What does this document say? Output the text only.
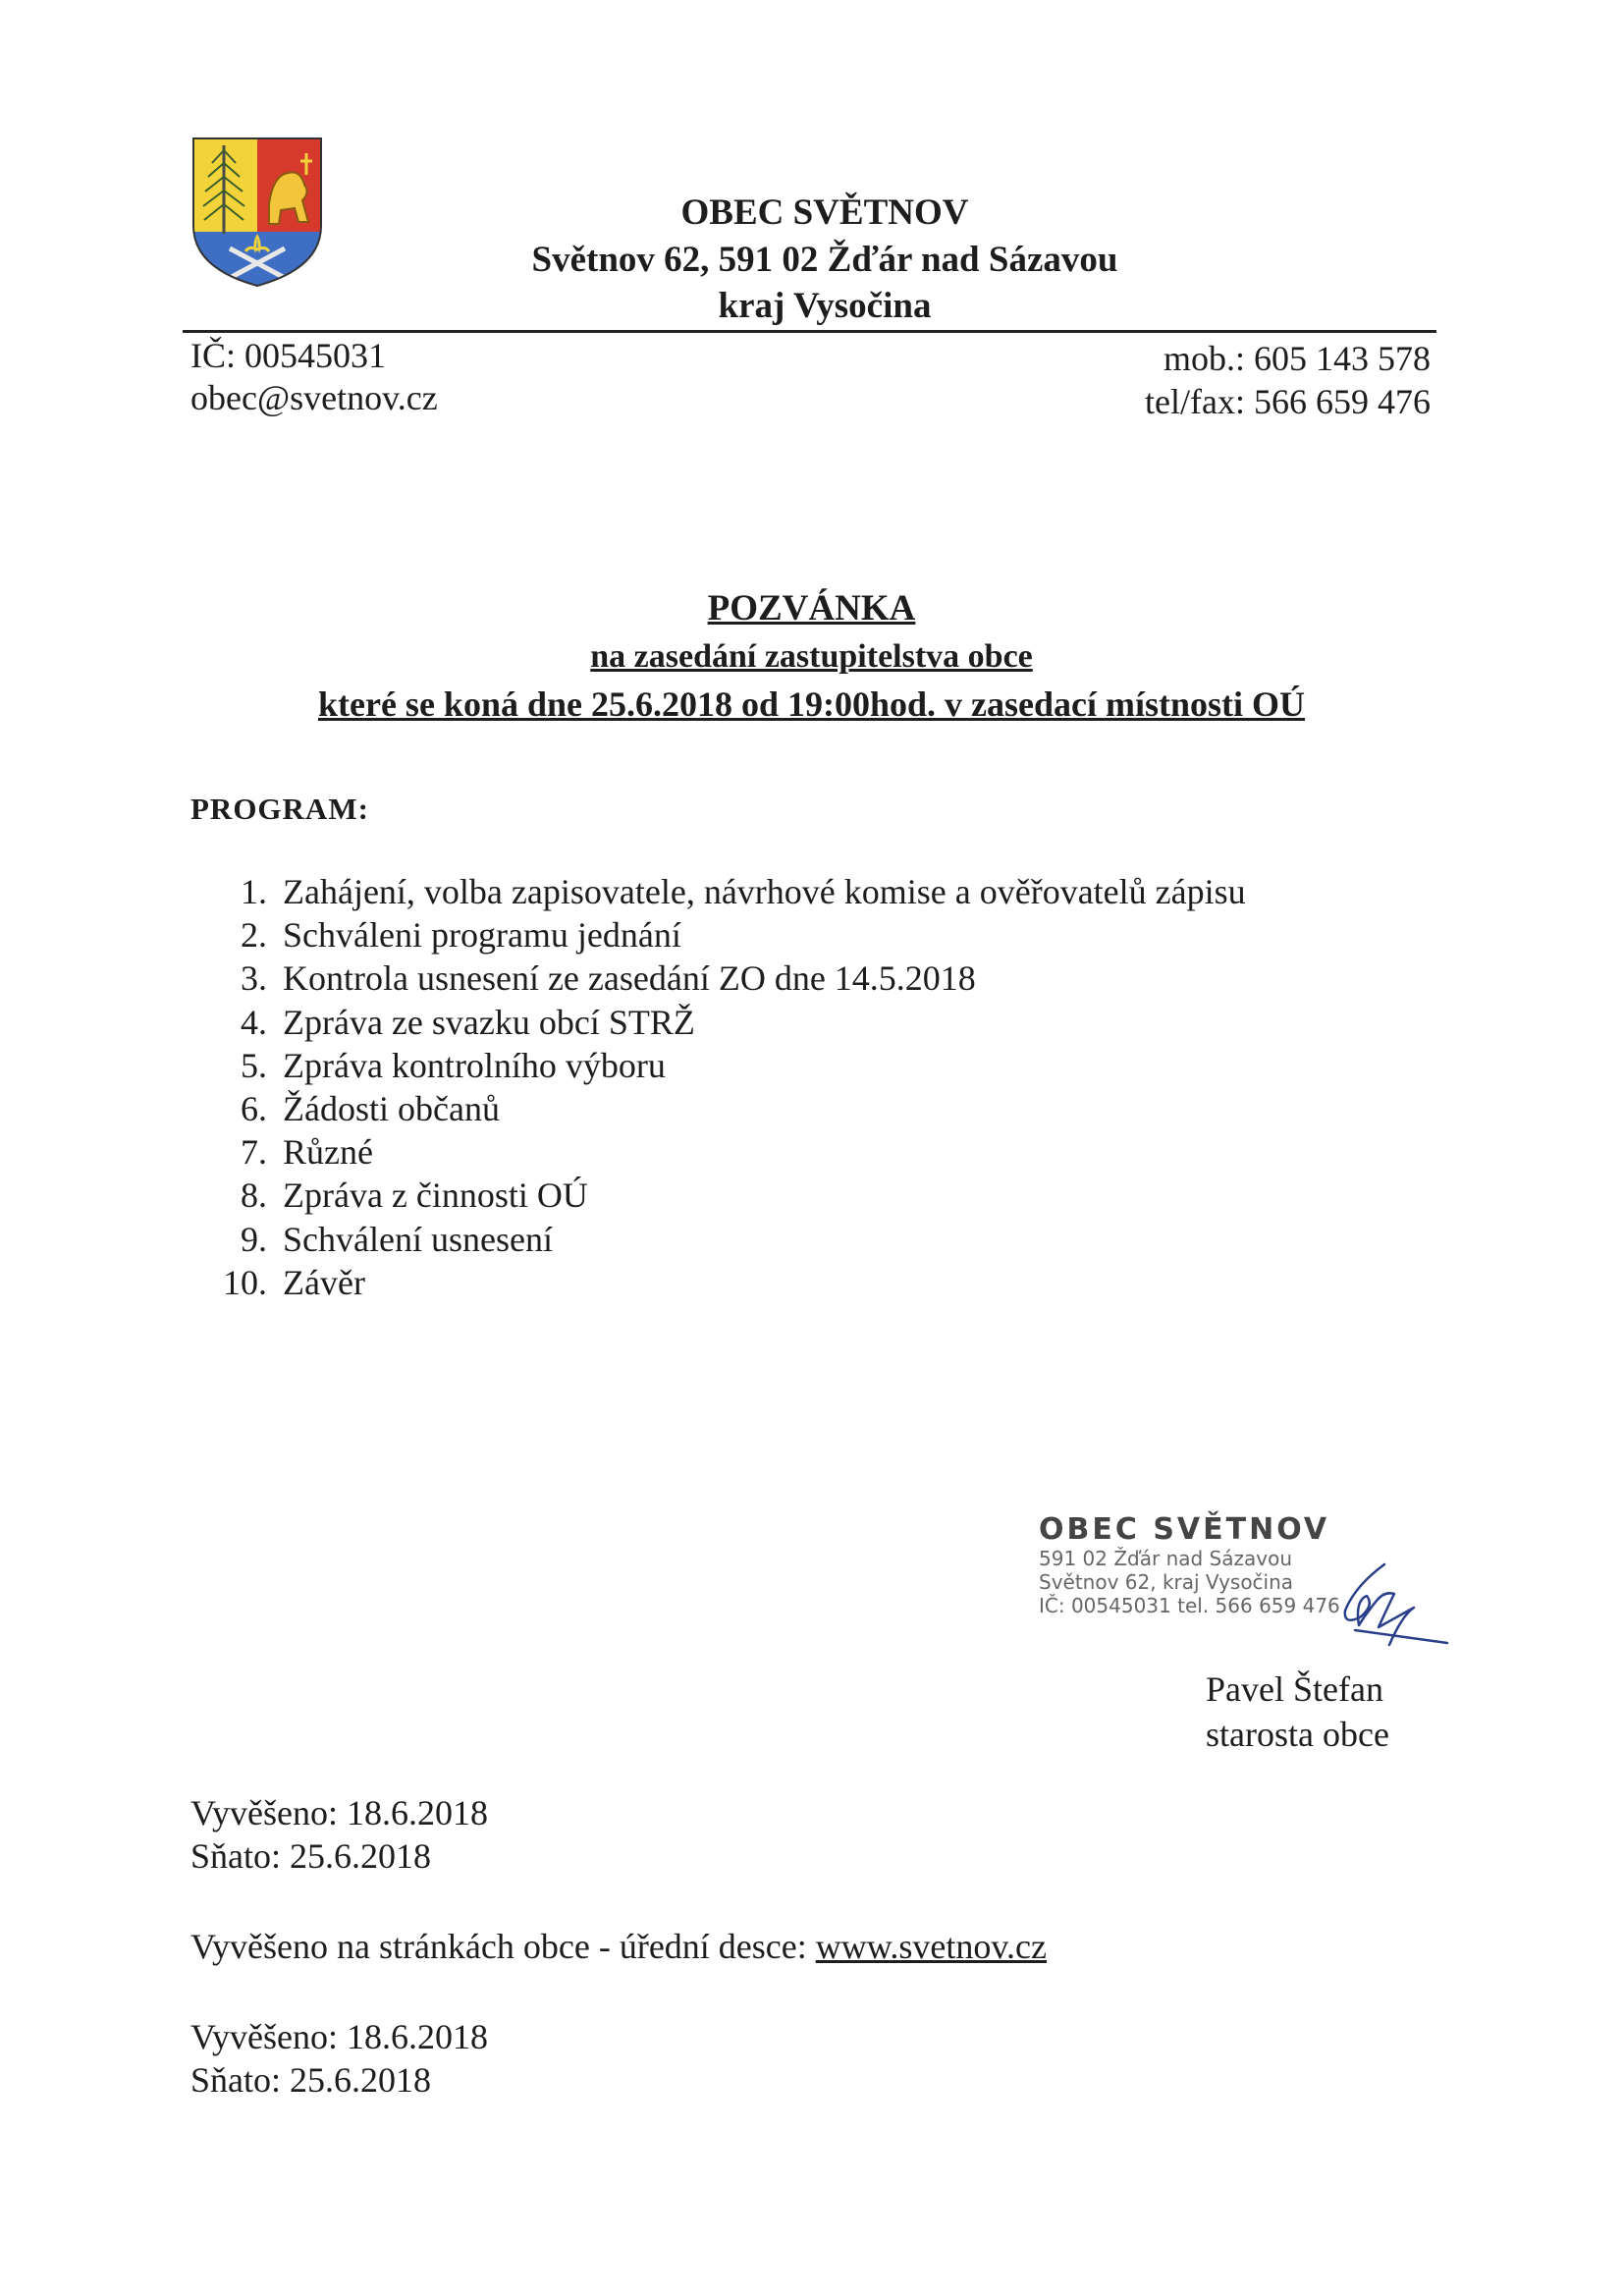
OBEC SVĚTNOV
Světnov 62, 591 02 Žďár nad Sázavou
kraj Vysočina
IČ: 00545031
obec@svetnov.cz
mob.: 605 143 578
tel/fax: 566 659 476
POZVÁNKA
na zasedání zastupitelstva obce
které se koná dne 25.6.2018 od 19:00hod. v zasedací místnosti OÚ
PROGRAM:
1. Zahájení, volba zapisovatele, návrhové komise a ověřovatelů zápisu
2. Schváleni programu jednání
3. Kontrola usnesení ze zasedání ZO dne 14.5.2018
4. Zpráva ze svazku obcí STRŽ
5. Zpráva kontrolního výboru
6. Žádosti občanů
7. Různé
8. Zpráva z činnosti OÚ
9. Schválení usnesení
10. Závěr
OBEC SVĚTNOV
591 02 Žďár nad Sázavou
Světnov 62, kraj Vysočina
IČ: 00545031 tel. 566 659 476
Pavel Štefan
starosta obce
Vyvěšeno: 18.6.2018
Sňato: 25.6.2018
Vyvěšeno na stránkách obce - úřední desce: www.svetnov.cz
Vyvěšeno: 18.6.2018
Sňato: 25.6.2018
